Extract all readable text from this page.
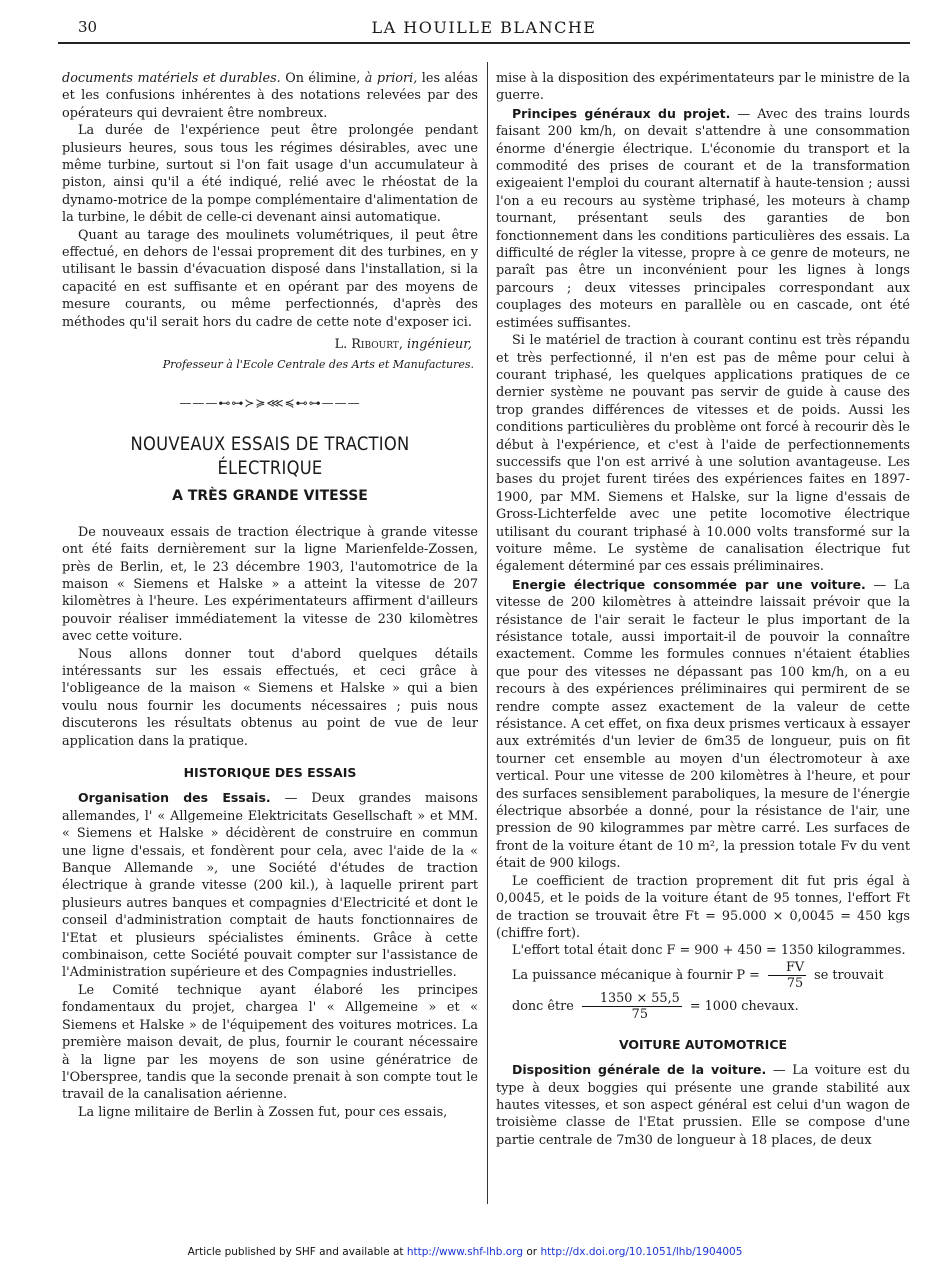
30	LA HOUILLE BLANCHE

documents matériels et durables. On élimine, à priori, les aléas et les confusions inhérentes à des notations relevées par des opérateurs qui devraient être nombreux.

La durée de l'expérience peut être prolongée pendant plusieurs heures, sous tous les régimes désirables, avec une même turbine, surtout si l'on fait usage d'un accumulateur à piston, ainsi qu'il a été indiqué, relié avec le rhéostat de la dynamo-motrice de la pompe complémentaire d'alimentation de la turbine, le débit de celle-ci devenant ainsi automatique.

Quant au tarage des moulinets volumétriques, il peut être effectué, en dehors de l'essai proprement dit des turbines, en y utilisant le bassin d'évacuation disposé dans l'installation, si la capacité en est suffisante et en opérant par des moyens de mesure courants, ou même perfectionnés, d'après des méthodes qu'il serait hors du cadre de cette note d'exposer ici.

L. Ribourt, ingénieur,
Professeur à l'Ecole Centrale des Arts et Manufactures.
———⊷⊶≻≽⋘≼⊷⊶———
NOUVEAUX ESSAIS DE TRACTION ÉLECTRIQUE
A TRÈS GRANDE VITESSE

De nouveaux essais de traction électrique à grande vitesse ont été faits dernièrement sur la ligne Marienfelde-Zossen, près de Berlin, et, le 23 décembre 1903, l'automotrice de la maison « Siemens et Halske » a atteint la vitesse de 207 kilomètres à l'heure. Les expérimentateurs affirment d'ailleurs pouvoir réaliser immédiatement la vitesse de 230 kilomètres avec cette voiture.

Nous allons donner tout d'abord quelques détails intéressants sur les essais effectués, et ceci grâce à l'obligeance de la maison « Siemens et Halske » qui a bien voulu nous fournir les documents nécessaires ; puis nous discuterons les résultats obtenus au point de vue de leur application dans la pratique.

HISTORIQUE DES ESSAIS

Organisation des Essais. — Deux grandes maisons allemandes, l' « Allgemeine Elektricitats Gesellschaft » et MM. « Siemens et Halske » décidèrent de construire en commun une ligne d'essais, et fondèrent pour cela, avec l'aide de la « Banque Allemande », une Société d'études de traction électrique à grande vitesse (200 kil.), à laquelle prirent part plusieurs autres banques et compagnies d'Electricité et dont le conseil d'administration comptait de hauts fonctionnaires de l'Etat et plusieurs spécialistes éminents. Grâce à cette combinaison, cette Société pouvait compter sur l'assistance de l'Administration supérieure et des Compagnies industrielles.

Le Comité technique ayant élaboré les principes fondamentaux du projet, chargea l' « Allgemeine » et « Siemens et Halske » de l'équipement des voitures motrices. La première maison devait, de plus, fournir le courant nécessaire à la ligne par les moyens de son usine génératrice de l'Oberspree, tandis que la seconde prenait à son compte tout le travail de la canalisation aérienne.

La ligne militaire de Berlin à Zossen fut, pour ces essais,

mise à la disposition des expérimentateurs par le ministre de la guerre.

Principes généraux du projet. — Avec des trains lourds faisant 200 km/h, on devait s'attendre à une consommation énorme d'énergie électrique. L'économie du transport et la commodité des prises de courant et de la transformation exigeaient l'emploi du courant alternatif à haute-tension ; aussi l'on a eu recours au système triphasé, les moteurs à champ tournant, présentant seuls des garanties de bon fonctionnement dans les conditions particulières des essais. La difficulté de régler la vitesse, propre à ce genre de moteurs, ne paraît pas être un inconvénient pour les lignes à longs parcours ; deux vitesses principales correspondant aux couplages des moteurs en parallèle ou en cascade, ont été estimées suffisantes.

Si le matériel de traction à courant continu est très répandu et très perfectionné, il n'en est pas de même pour celui à courant triphasé, les quelques applications pratiques de ce dernier système ne pouvant pas servir de guide à cause des trop grandes différences de vitesses et de poids. Aussi les conditions particulières du problème ont forcé à recourir dès le début à l'expérience, et c'est à l'aide de perfectionnements successifs que l'on est arrivé à une solution avantageuse. Les bases du projet furent tirées des expériences faites en 1897-1900, par MM. Siemens et Halske, sur la ligne d'essais de Gross-Lichterfelde avec une petite locomotive électrique utilisant du courant triphasé à 10.000 volts transformé sur la voiture même. Le système de canalisation électrique fut également déterminé par ces essais préliminaires.

Energie électrique consommée par une voiture. — La vitesse de 200 kilomètres à atteindre laissait prévoir que la résistance de l'air serait le facteur le plus important de la résistance totale, aussi importait-il de pouvoir la connaître exactement. Comme les formules connues n'étaient établies que pour des vitesses ne dépassant pas 100 km/h, on a eu recours à des expériences préliminaires qui permirent de se rendre compte assez exactement de la valeur de cette résistance. A cet effet, on fixa deux prismes verticaux à essayer aux extrémités d'un levier de 6m35 de longueur, puis on fit tourner cet ensemble au moyen d'un électromoteur à axe vertical. Pour une vitesse de 200 kilomètres à l'heure, et pour des surfaces sensiblement paraboliques, la mesure de l'énergie électrique absorbée a donné, pour la résistance de l'air, une pression de 90 kilogrammes par mètre carré. Les surfaces de front de la voiture étant de 10 m², la pression totale Fv du vent était de 900 kilogs.

Le coefficient de traction proprement dit fut pris égal à 0,0045, et le poids de la voiture étant de 95 tonnes, l'effort Ft de traction se trouvait être Ft = 95.000 × 0,0045 = 450 kgs (chiffre fort).

L'effort total était donc F = 900 + 450 = 1350 kilogrammes.

La puissance mécanique à fournir $P = \frac{FV}{75}$ se trouvait

donc être $\frac{1350 \times 55,5}{75} = 1000$ chevaux.

VOITURE AUTOMOTRICE

Disposition générale de la voiture. — La voiture est du type à deux boggies qui présente une grande stabilité aux hautes vitesses, et son aspect général est celui d'un wagon de troisième classe de l'Etat prussien. Elle se compose d'une partie centrale de 7m30 de longueur à 18 places, de deux

Article published by SHF and available at http://www.shf-lhb.org or http://dx.doi.org/10.1051/lhb/1904005
